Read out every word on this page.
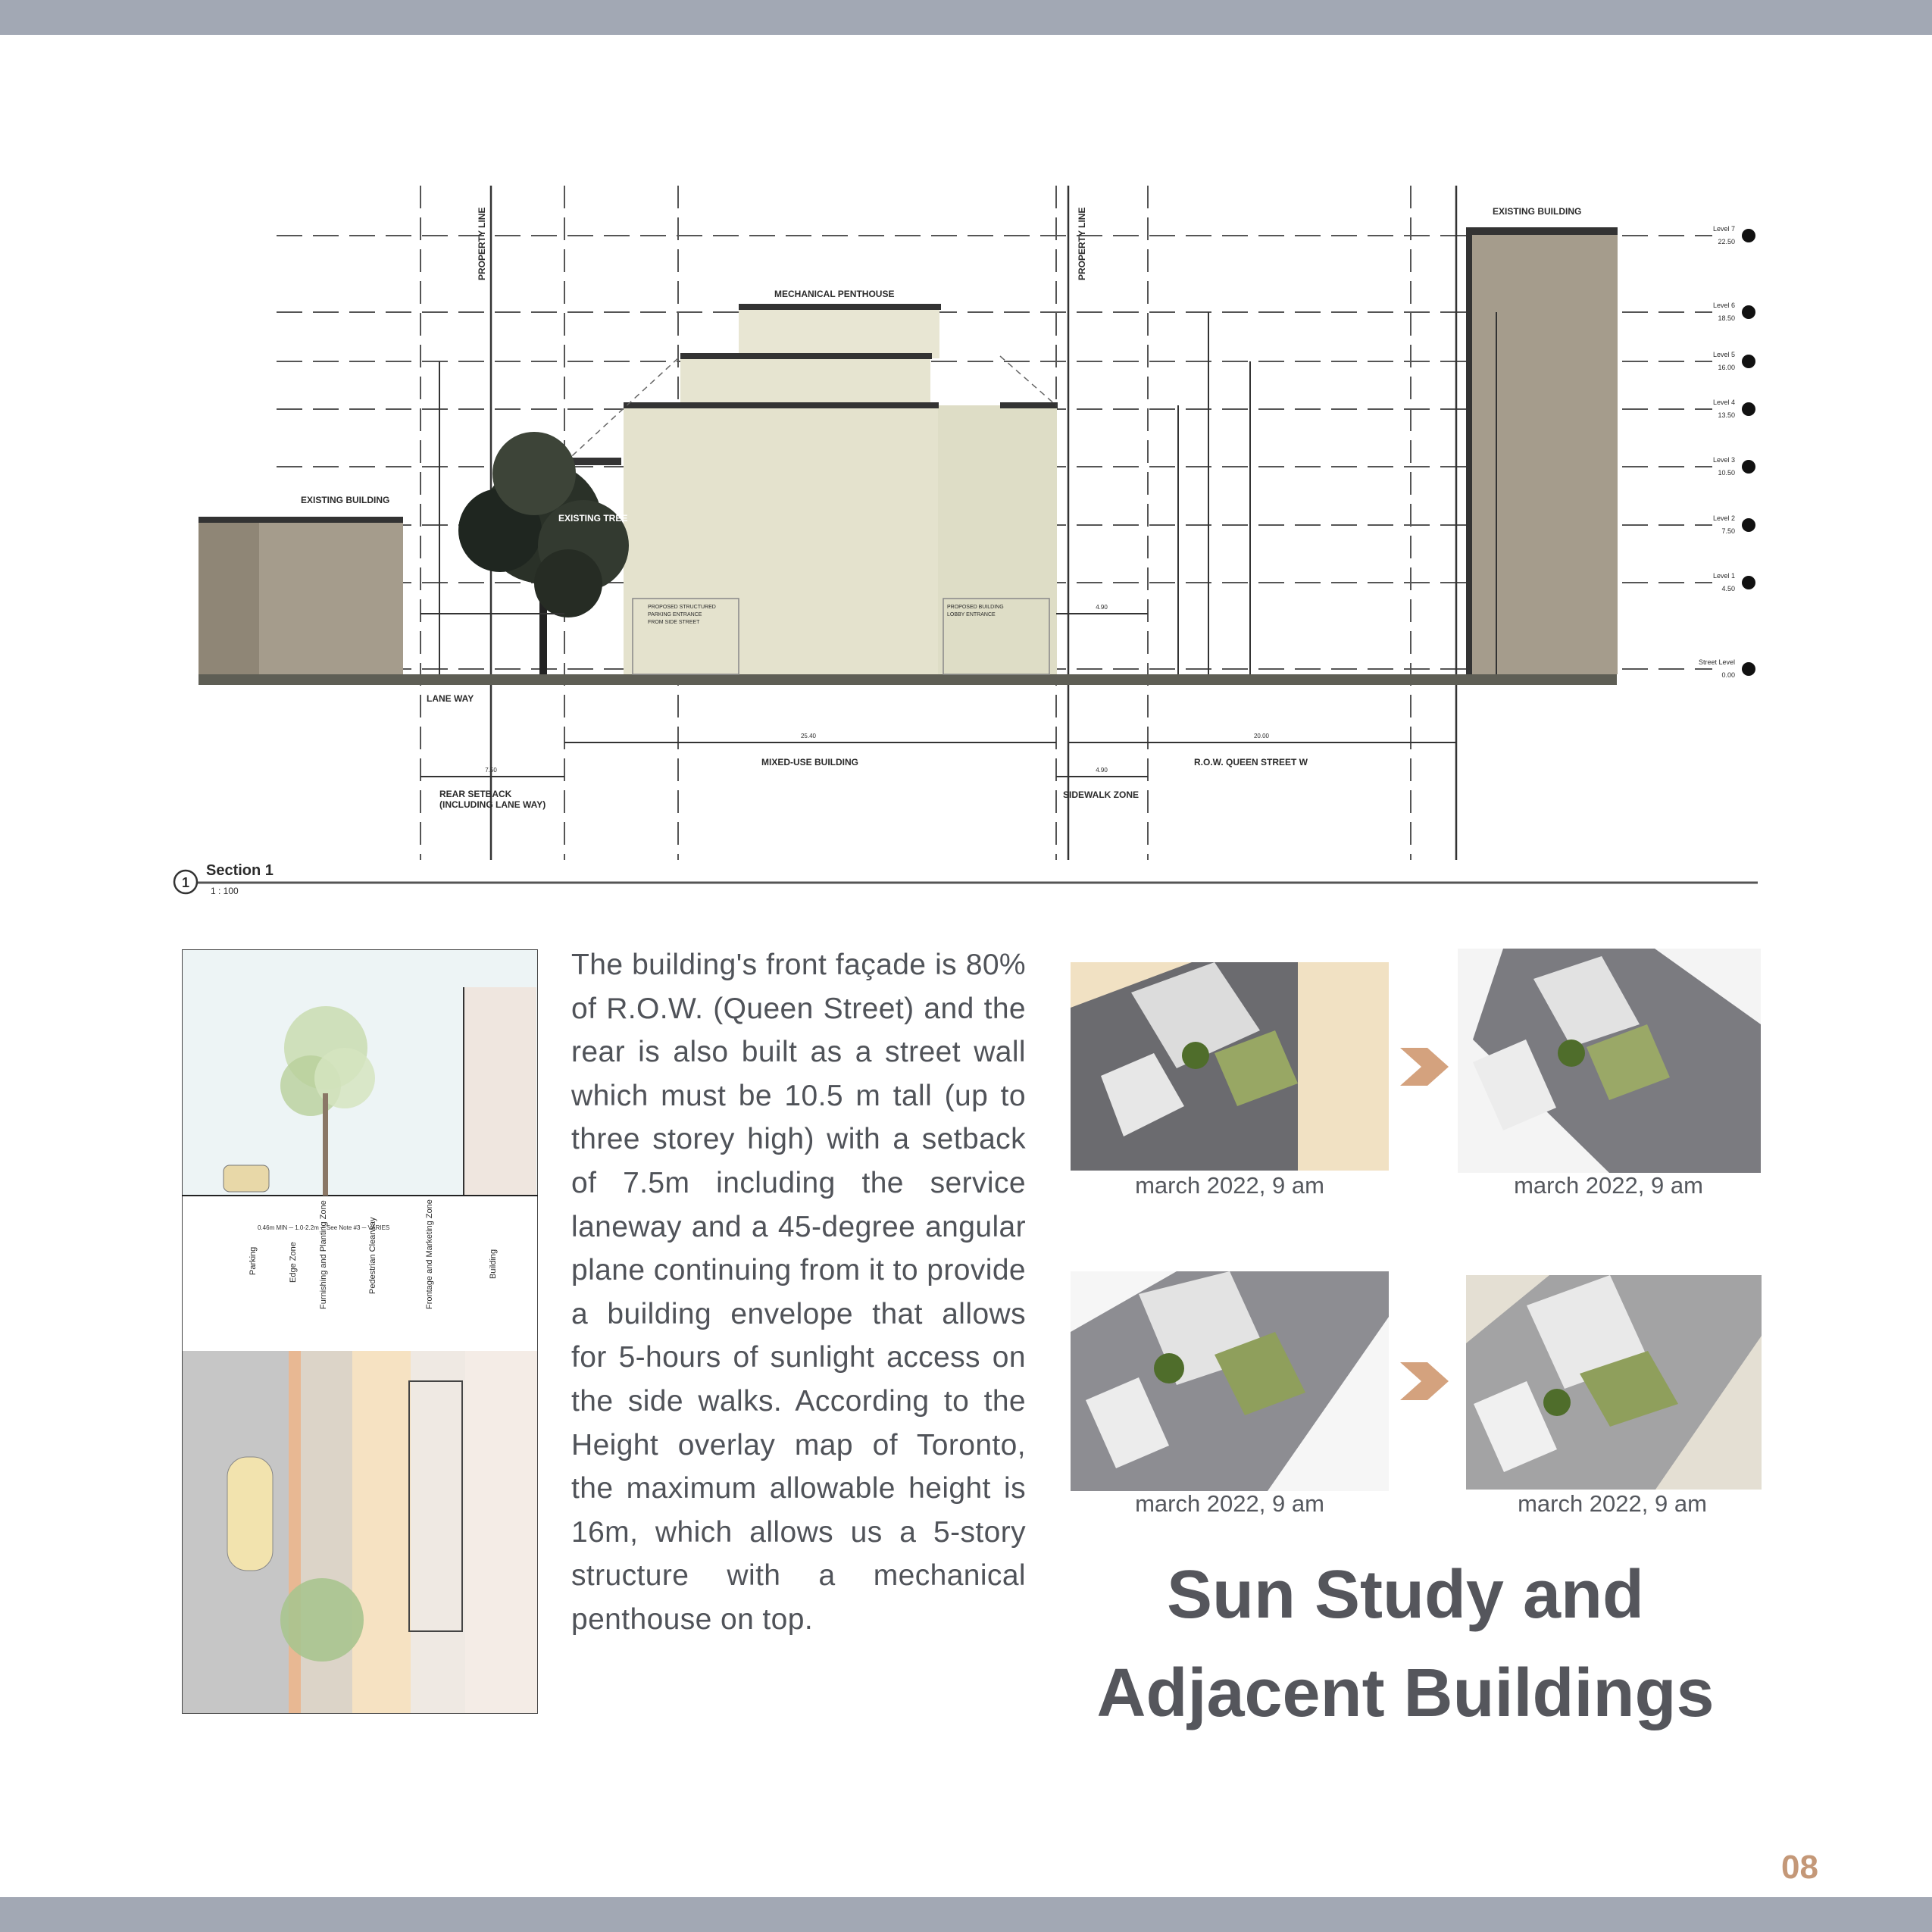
Level 7
22.50
Level 6
18.50
Level 5
16.00
Level 4
13.50
Level 3
10.50
Level 2
7.50
Level 1
4.50
Street Level
0.00
EXISTING BUILDING
EXISTING BUILDING
MECHANICAL PENTHOUSE
EXISTING TREE
LANE WAY
MIXED-USE BUILDING	R.O.W. QUEEN STREET W
SIDEWALK ZONE
REAR SETBACK
(INCLUDING LANE WAY)
PROPERTY LINE	PROPERTY LINE
PROPOSED STRUCTURED
PARKING ENTRANCE
FROM SIDE STREET
PROPOSED BUILDING
LOBBY ENTRANCE
25.40	20.00
7.50	4.90
4.90
1
Section 1
1 : 100
Parking	Edge Zone	Furnishing and Planting Zone	Pedestrian Clearway	Frontage and Marketing Zone	Building
0.46m MIN ─ 1.0-2.2m ─ See Note #3 ─ VARIES

The building's front façade is 80% of R.O.W. (Queen Street) and the rear is also built as a street wall which must be 10.5 m tall (up to three storey high) with a setback of 7.5m including the service laneway and a 45-degree angular plane continuing from it to provide a building envelope that allows for 5-hours of sunlight access on the side walks. According to the Height overlay map of Toronto, the maximum allowable height is 16m, which allows us a 5-story structure with a mechanical penthouse on top.

march 2022, 9 am	march 2022, 9 am

march 2022, 9 am	march 2022, 9 am

Sun Study and
Adjacent Buildings
08
